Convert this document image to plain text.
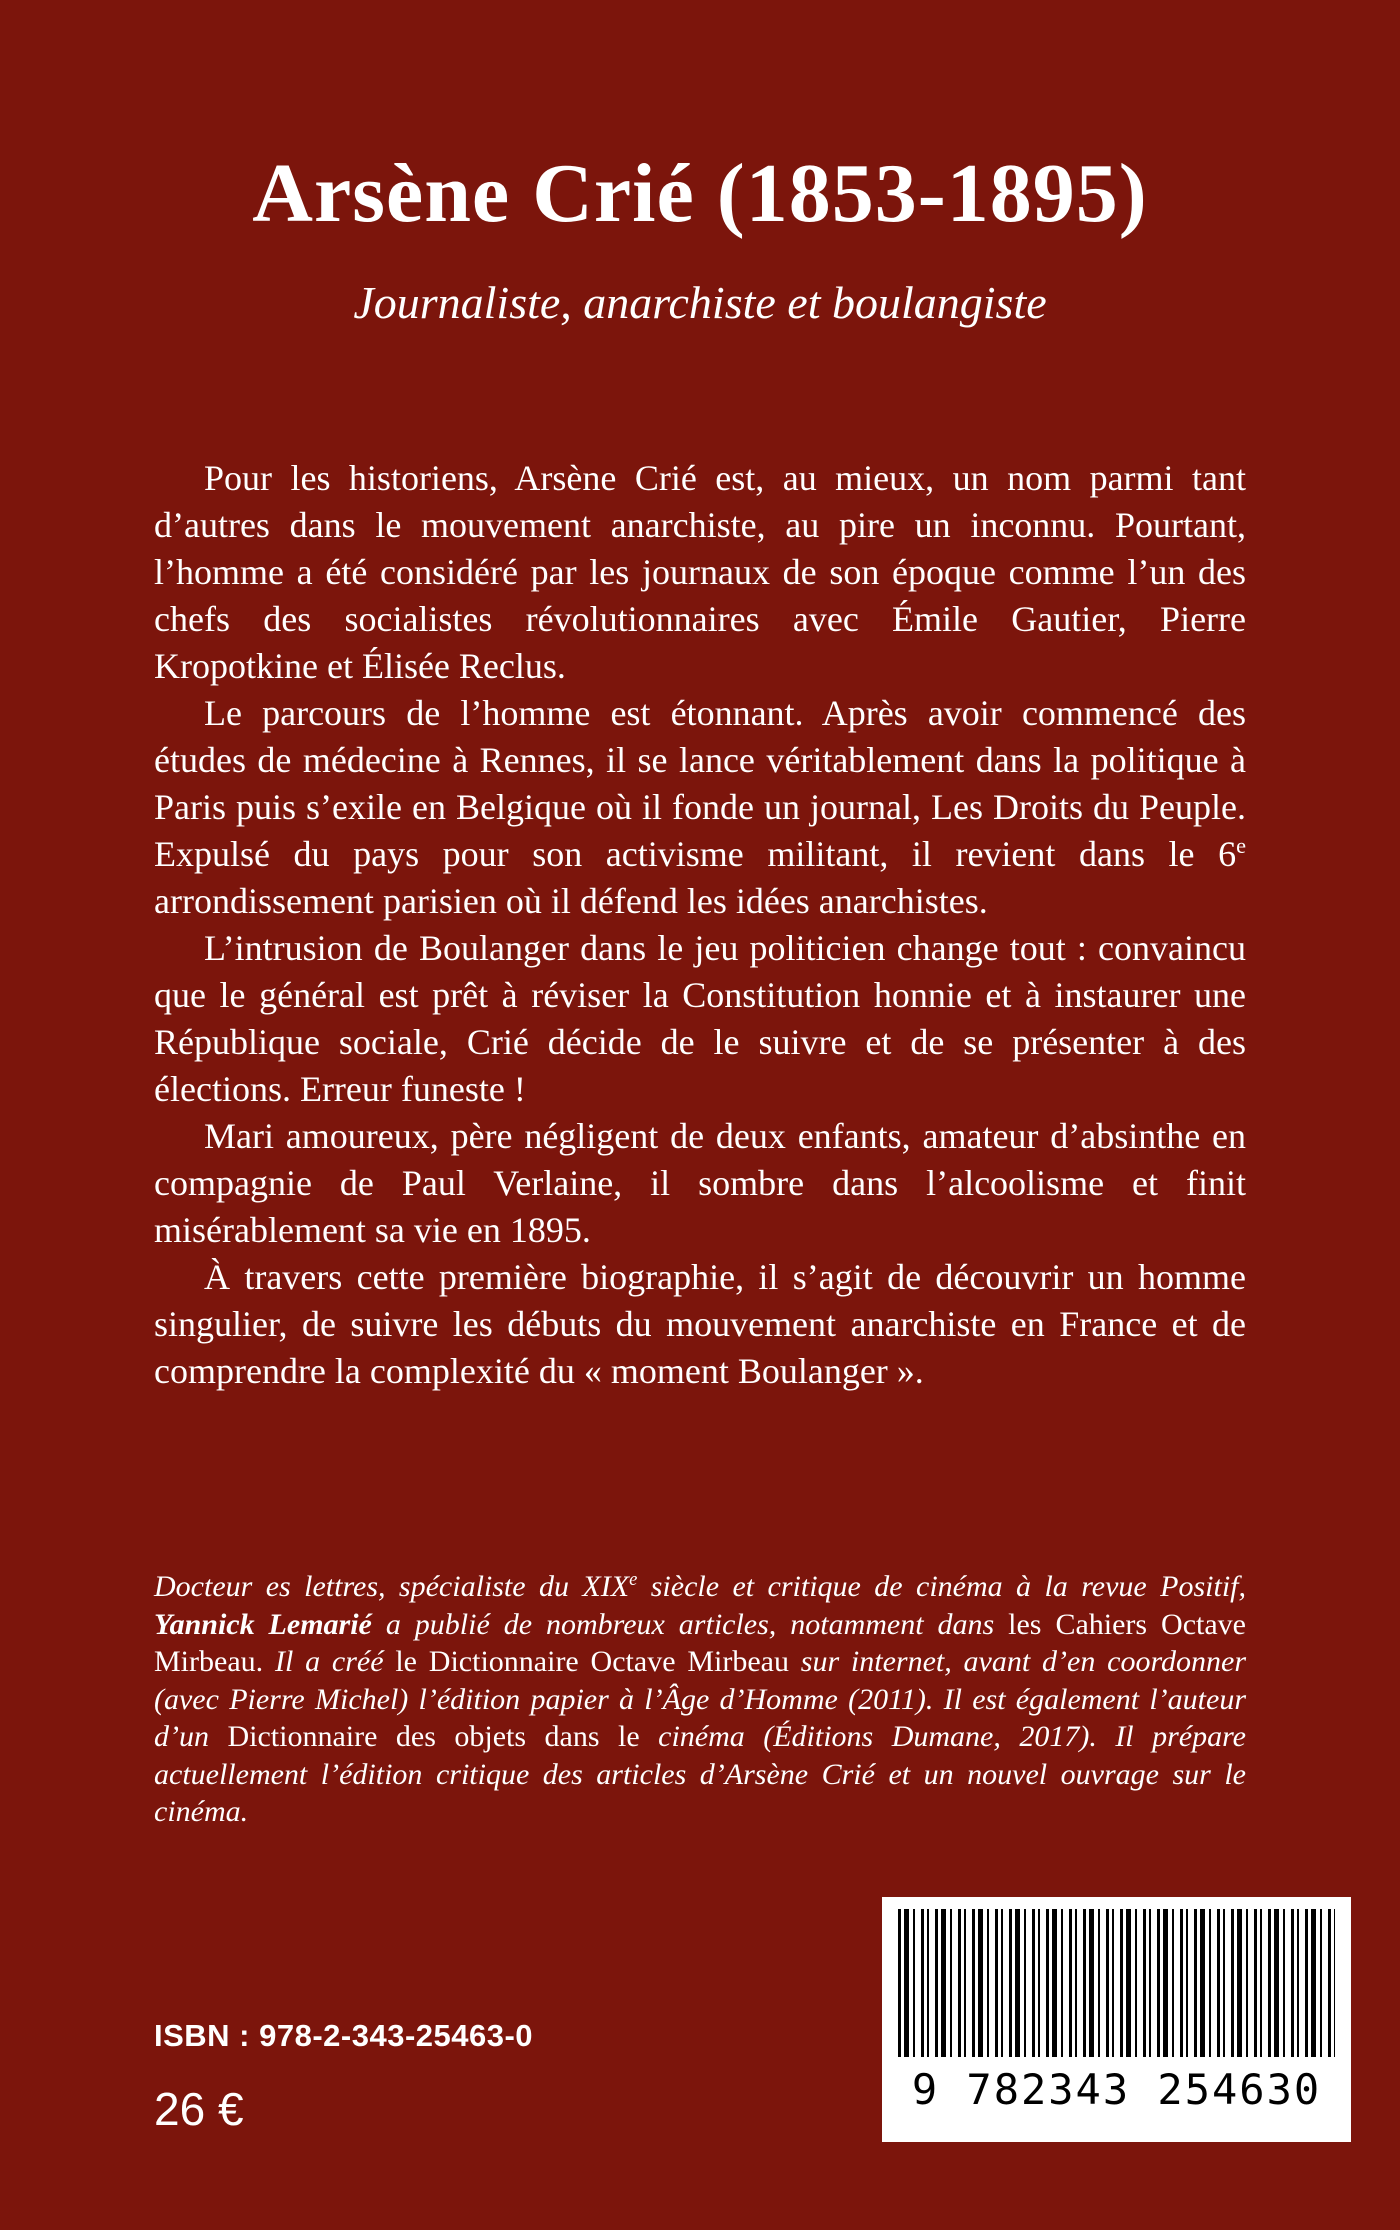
Arsène Crié (1853-1895)
Journaliste, anarchiste et boulangiste

Pour les historiens, Arsène Crié est, au mieux, un nom parmi tant d’autres dans le mouvement anarchiste, au pire un inconnu. Pourtant, l’homme a été considéré par les journaux de son époque comme l’un des chefs des socialistes révolutionnaires avec Émile Gautier, Pierre Kropotkine et Élisée Reclus.

Le parcours de l’homme est étonnant. Après avoir commencé des études de médecine à Rennes, il se lance véritablement dans la politique à Paris puis s’exile en Belgique où il fonde un journal, Les Droits du Peuple. Expulsé du pays pour son activisme militant, il revient dans le 6e arrondissement parisien où il défend les idées anarchistes.

L’intrusion de Boulanger dans le jeu politicien change tout : convaincu que le général est prêt à réviser la Constitution honnie et à instaurer une République sociale, Crié décide de le suivre et de se présenter à des élections. Erreur funeste !

Mari amoureux, père négligent de deux enfants, amateur d’absinthe en compagnie de Paul Verlaine, il sombre dans l’alcoolisme et finit misérablement sa vie en 1895.

À travers cette première biographie, il s’agit de découvrir un homme singulier, de suivre les débuts du mouvement anarchiste en France et de comprendre la complexité du « moment Boulanger ».

Docteur es lettres, spécialiste du XIXe siècle et critique de cinéma à la revue Positif, Yannick Lemarié a publié de nombreux articles, notamment dans les Cahiers Octave Mirbeau. Il a créé le Dictionnaire Octave Mirbeau sur internet, avant d’en coordonner (avec Pierre Michel) l’édition papier à l’Âge d’Homme (2011). Il est également l’auteur d’un Dictionnaire des objets dans le cinéma (Éditions Dumane, 2017). Il prépare actuellement l’édition critique des articles d’Arsène Crié et un nouvel ouvrage sur le cinéma.
ISBN : 978-2-343-25463-0
26 €	9 782343 254630
